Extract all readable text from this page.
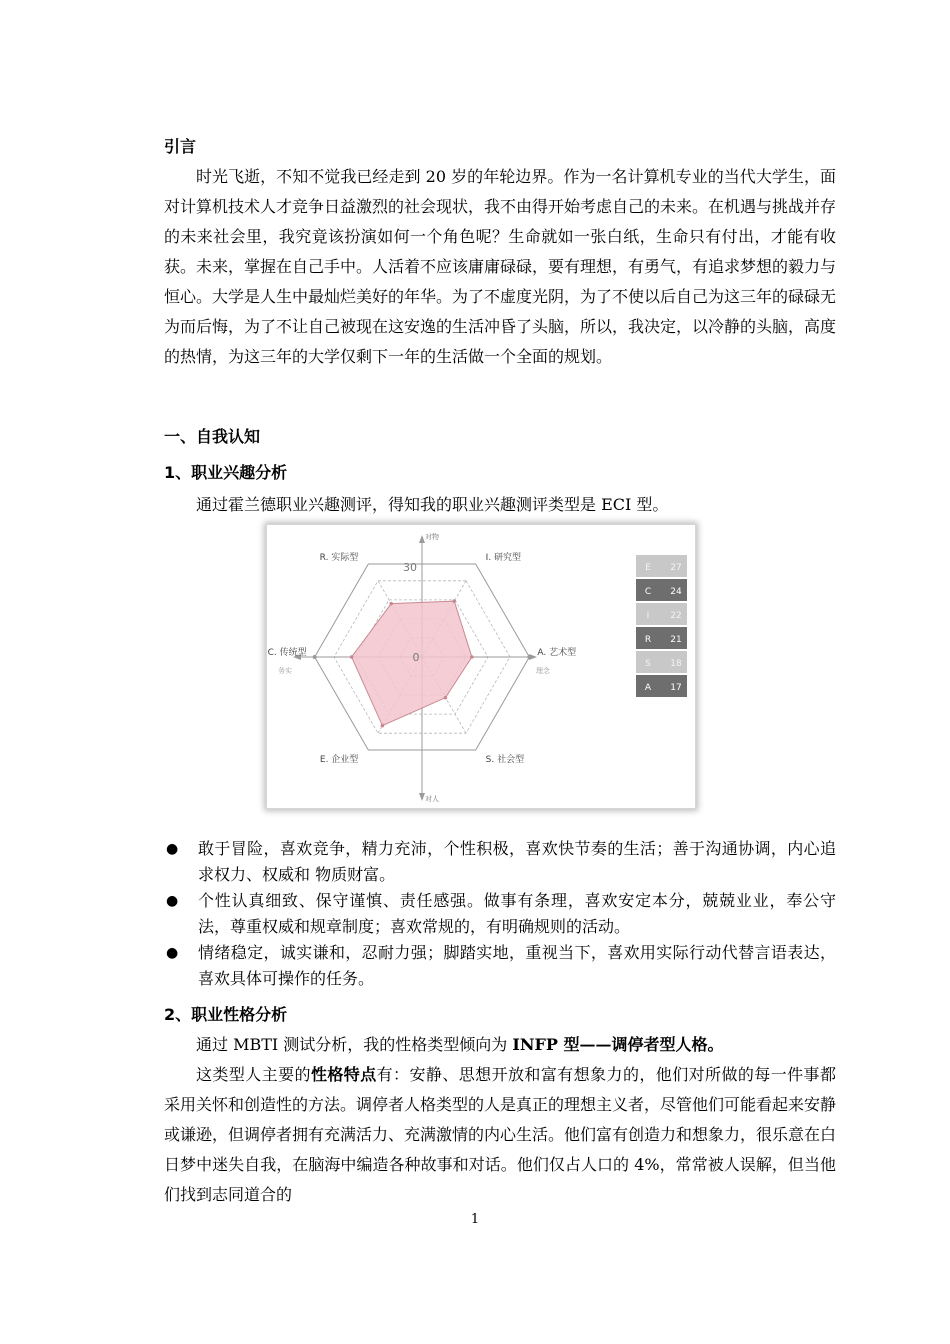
引言

时光飞逝，不知不觉我已经走到 20 岁的年轮边界。作为一名计算机专业的当代大学生，面对计算机技术人才竞争日益激烈的社会现状，我不由得开始考虑自己的未来。在机遇与挑战并存的未来社会里，我究竟该扮演如何一个角色呢？生命就如一张白纸，生命只有付出，才能有收获。未来，掌握在自己手中。人活着不应该庸庸碌碌，要有理想，有勇气，有追求梦想的毅力与恒心。大学是人生中最灿烂美好的年华。为了不虚度光阴，为了不使以后自己为这三年的碌碌无为而后悔，为了不让自己被现在这安逸的生活冲昏了头脑，所以，我决定，以冷静的头脑，高度的热情，为这三年的大学仅剩下一年的生活做一个全面的规划。

一、自我认知

1、职业兴趣分析

通过霍兰德职业兴趣测评，得知我的职业兴趣测评类型是 ECI 型。

I. 研究型
A. 艺术型
S. 社会型
E. 企业型
C. 传统型
R. 实际型
30
0
对物
对人
务实	理念
E 27
C 24
I 22
R 21
S 18
A 17
● 敢于冒险，喜欢竞争，精力充沛，个性积极，喜欢快节奏的生活；善于沟通协调，内心追求权力、权威和 物质财富。
● 个性认真细致、保守谨慎、责任感强。做事有条理，喜欢安定本分，兢兢业业，奉公守法，尊重权威和规章制度；喜欢常规的，有明确规则的活动。
● 情绪稳定，诚实谦和，忍耐力强；脚踏实地，重视当下，喜欢用实际行动代替言语表达，喜欢具体可操作的任务。

2、职业性格分析

通过 MBTI 测试分析，我的性格类型倾向为 INFP 型——调停者型人格。

这类型人主要的性格特点有：安静、思想开放和富有想象力的，他们对所做的每一件事都采用关怀和创造性的方法。调停者人格类型的人是真正的理想主义者，尽管他们可能看起来安静或谦逊，但调停者拥有充满活力、充满激情的内心生活。他们富有创造力和想象力，很乐意在白日梦中迷失自我，在脑海中编造各种故事和对话。他们仅占人口的 4%，常常被人误解，但当他们找到志同道合的

1
